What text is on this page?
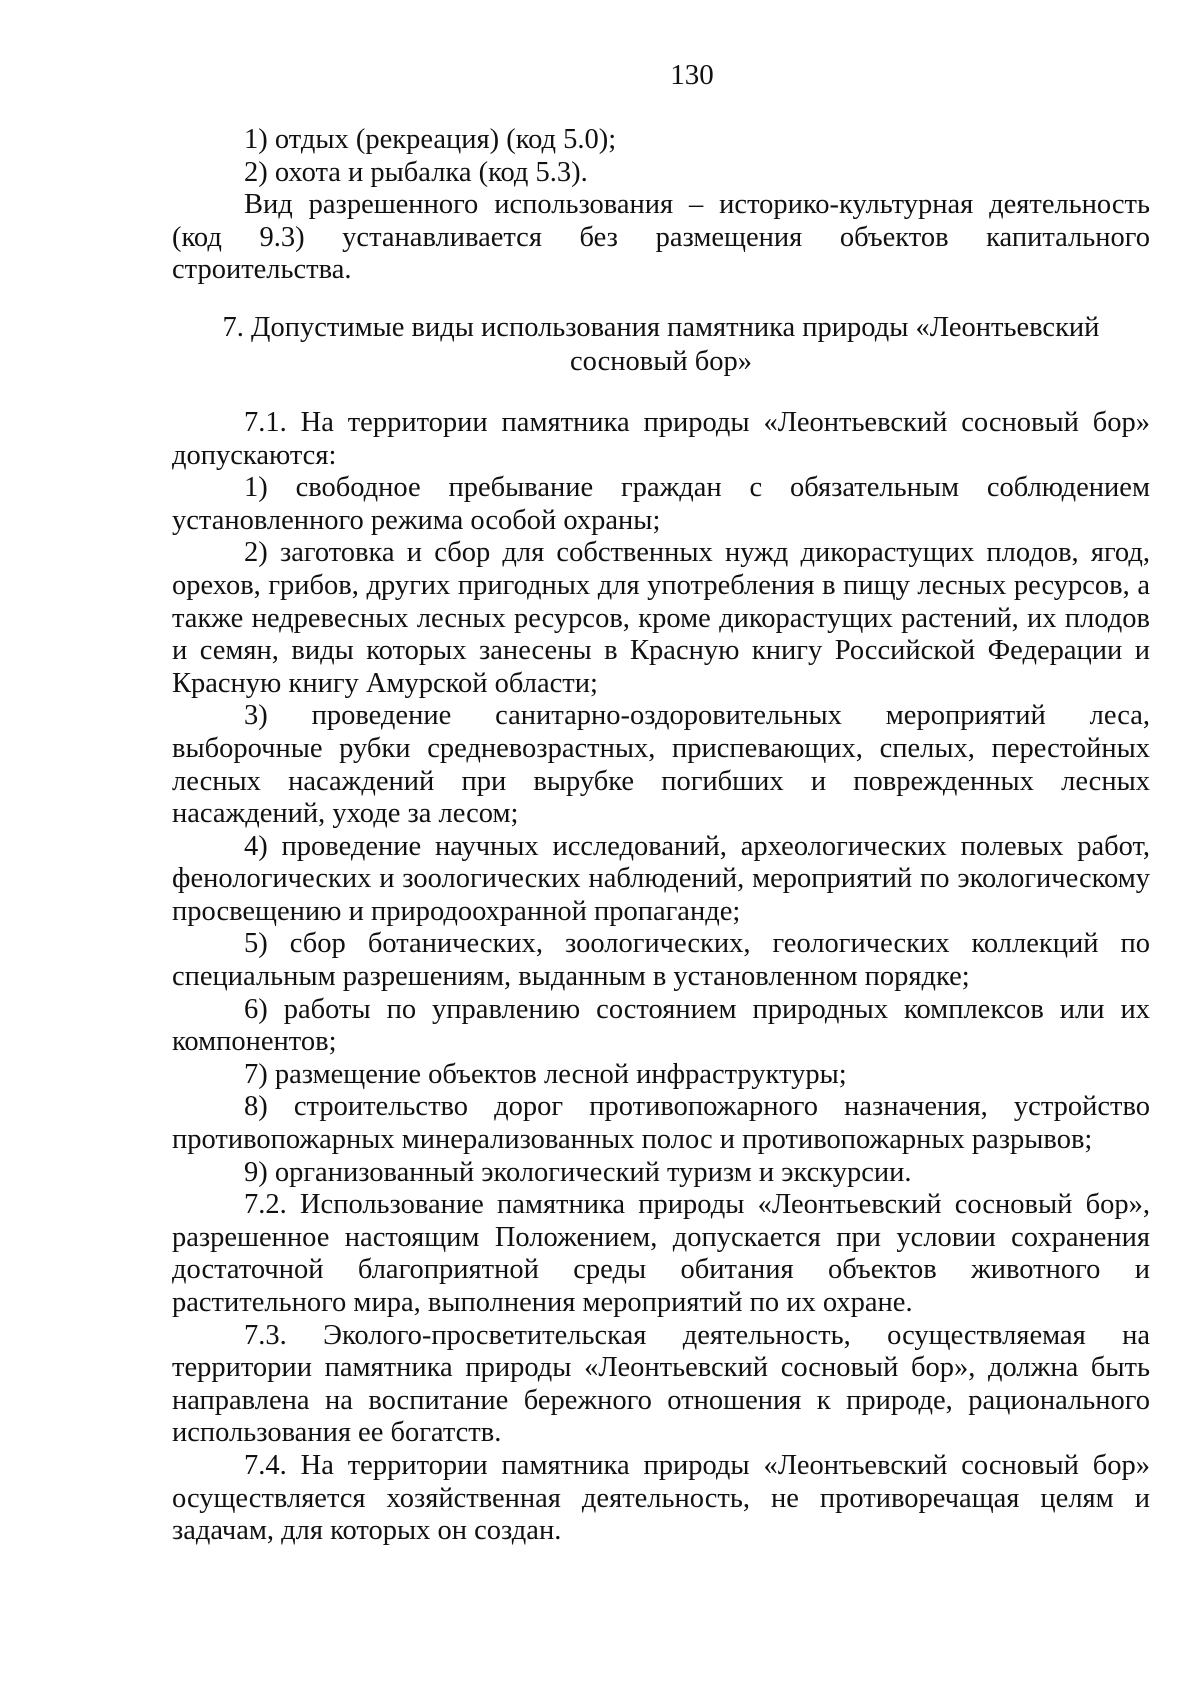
130

1) отдых (рекреация) (код 5.0);

2) охота и рыбалка (код 5.3).

Вид разрешенного использования – историко-культурная деятельность (код 9.3) устанавливается без размещения объектов капитального строительства.

7. Допустимые виды использования памятника природы «Леонтьевский
сосновый бор»

7.1. На территории памятника природы «Леонтьевский сосновый бор» допускаются:

1) свободное пребывание граждан с обязательным соблюдением установленного режима особой охраны;

2) заготовка и сбор для собственных нужд дикорастущих плодов, ягод, орехов, грибов, других пригодных для употребления в пищу лесных ресурсов, а также недревесных лесных ресурсов, кроме дикорастущих растений, их плодов и семян, виды которых занесены в Красную книгу Российской Федерации и Красную книгу Амурской области;

3) проведение санитарно-оздоровительных мероприятий леса, выборочные рубки средневозрастных, приспевающих, спелых, перестойных лесных насаждений при вырубке погибших и поврежденных лесных насаждений, уходе за лесом;

4) проведение научных исследований, археологических полевых работ, фенологических и зоологических наблюдений, мероприятий по экологическому просвещению и природоохранной пропаганде;

5) сбор ботанических, зоологических, геологических коллекций по специальным разрешениям, выданным в установленном порядке;

6) работы по управлению состоянием природных комплексов или их компонентов;

7) размещение объектов лесной инфраструктуры;

8) строительство дорог противопожарного назначения, устройство противопожарных минерализованных полос и противопожарных разрывов;

9) организованный экологический туризм и экскурсии.

7.2. Использование памятника природы «Леонтьевский сосновый бор», разрешенное настоящим Положением, допускается при условии сохранения достаточной благоприятной среды обитания объектов животного и растительного мира, выполнения мероприятий по их охране.

7.3. Эколого-просветительская деятельность, осуществляемая на территории памятника природы «Леонтьевский сосновый бор», должна быть направлена на воспитание бережного отношения к природе, рационального использования ее богатств.

7.4. На территории памятника природы «Леонтьевский сосновый бор» осуществляется хозяйственная деятельность, не противоречащая целям и задачам, для которых он создан.
